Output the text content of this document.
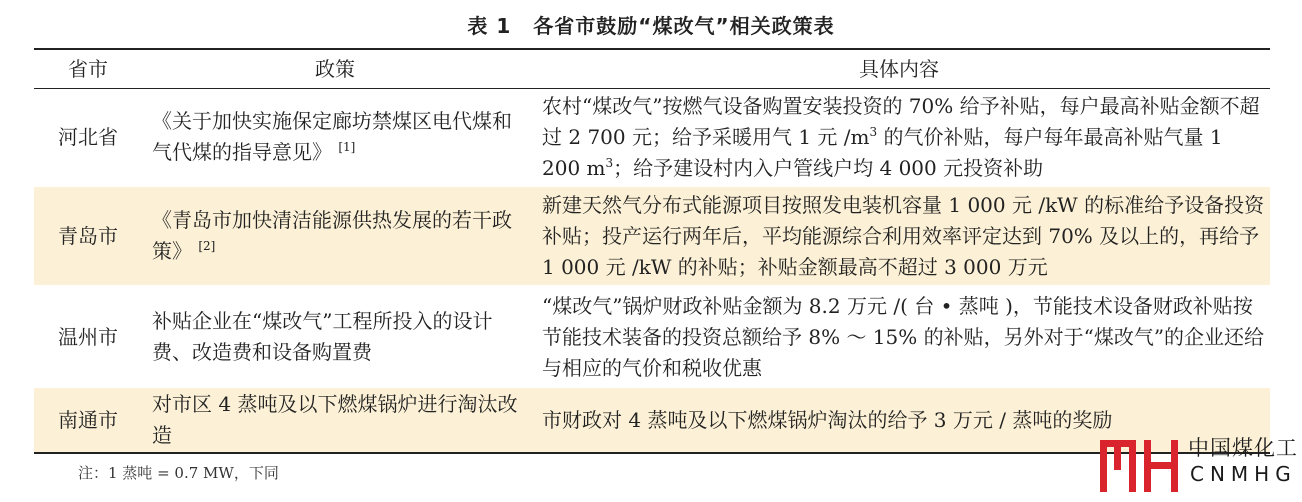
表 1 各省市鼓励“煤改气”相关政策表
省市	政策	具体内容
河北省
《关于加快实施保定廊坊禁煤区电代煤和气代煤的指导意见》 [1]
农村“煤改气”按燃气设备购置安装投资的 70% 给予补贴，每户最高补贴金额不超过 2 700 元；给予采暖用气 1 元 $/m^3$ 的气价补贴，每户每年最高补贴气量 1 200 $m^3$；给予建设村内入户管线户均 4 000 元投资补助
青岛市
《青岛市加快清洁能源供热发展的若干政策》 [2]
新建天然气分布式能源项目按照发电装机容量 1 000 元 /kW 的标准给予设备投资补贴；投产运行两年后，平均能源综合利用效率评定达到 70% 及以上的，再给予 1 000 元 /kW 的补贴；补贴金额最高不超过 3 000 万元
温州市
补贴企业在“煤改气”工程所投入的设计费、改造费和设备购置费
“煤改气”锅炉财政补贴金额为 8.2 万元 /( 台 • 蒸吨 )，节能技术设备财政补贴按节能技术装备的投资总额给予 8% ～ 15% 的补贴，另外对于“煤改气”的企业还给与相应的气价和税收优惠
南通市
对市区 4 蒸吨及以下燃煤锅炉进行淘汰改造
市财政对 4 蒸吨及以下燃煤锅炉淘汰的给予 3 万元 / 蒸吨的奖励
注：1 蒸吨 = 0.7 MW，下同
中国煤化工
CNMHG
